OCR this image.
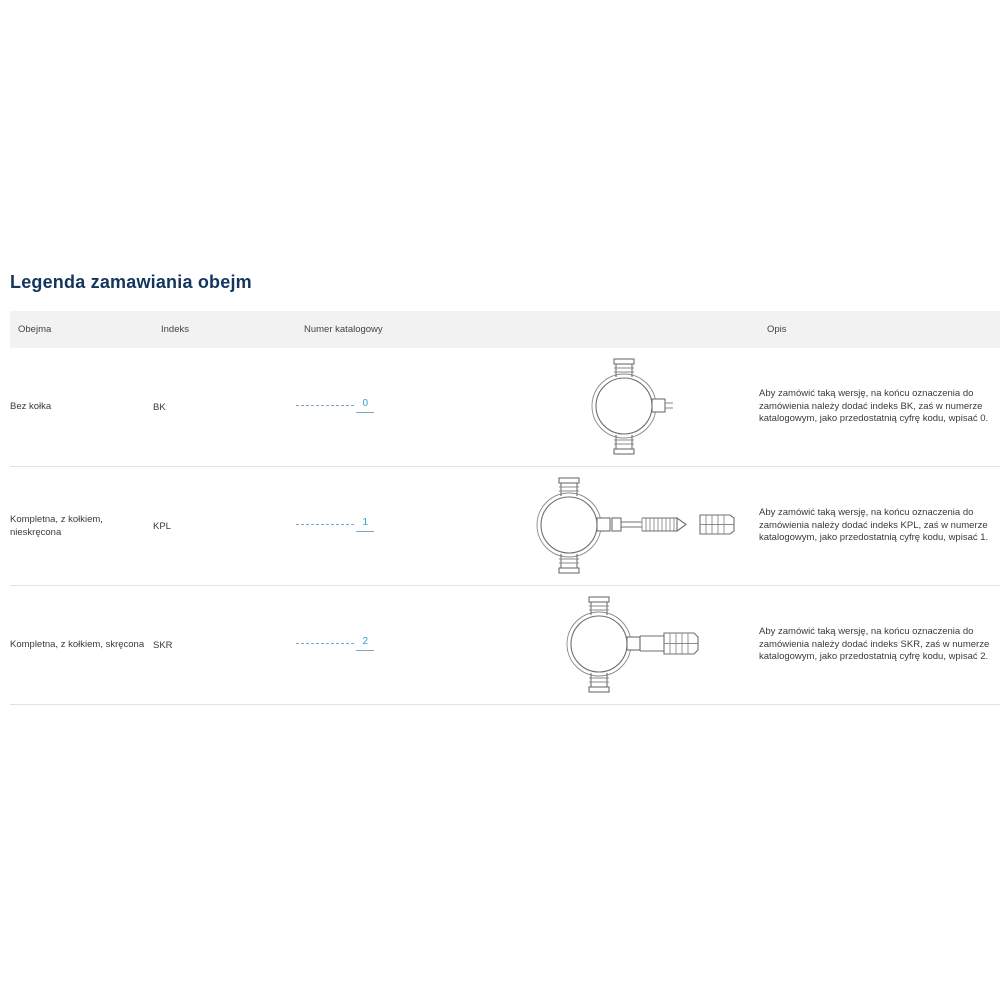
Legenda zamawiania obejm
Obejma	Indeks	Numer katalogowy		Opis
Bez kołka	BK	0		Aby zamówić taką wersję, na końcu oznaczenia do zamówienia należy dodać indeks BK, zaś w numerze katalogowym, jako przedostatnią cyfrę kodu, wpisać 0.
Kompletna, z kołkiem, nieskręcona	KPL	1		Aby zamówić taką wersję, na końcu oznaczenia do zamówienia należy dodać indeks KPL, zaś w numerze katalogowym, jako przedostatnią cyfrę kodu, wpisać 1.
Kompletna, z kołkiem, skręcona	SKR	2		Aby zamówić taką wersję, na końcu oznaczenia do zamówienia należy dodać indeks SKR, zaś w numerze katalogowym, jako przedostatnią cyfrę kodu, wpisać 2.
